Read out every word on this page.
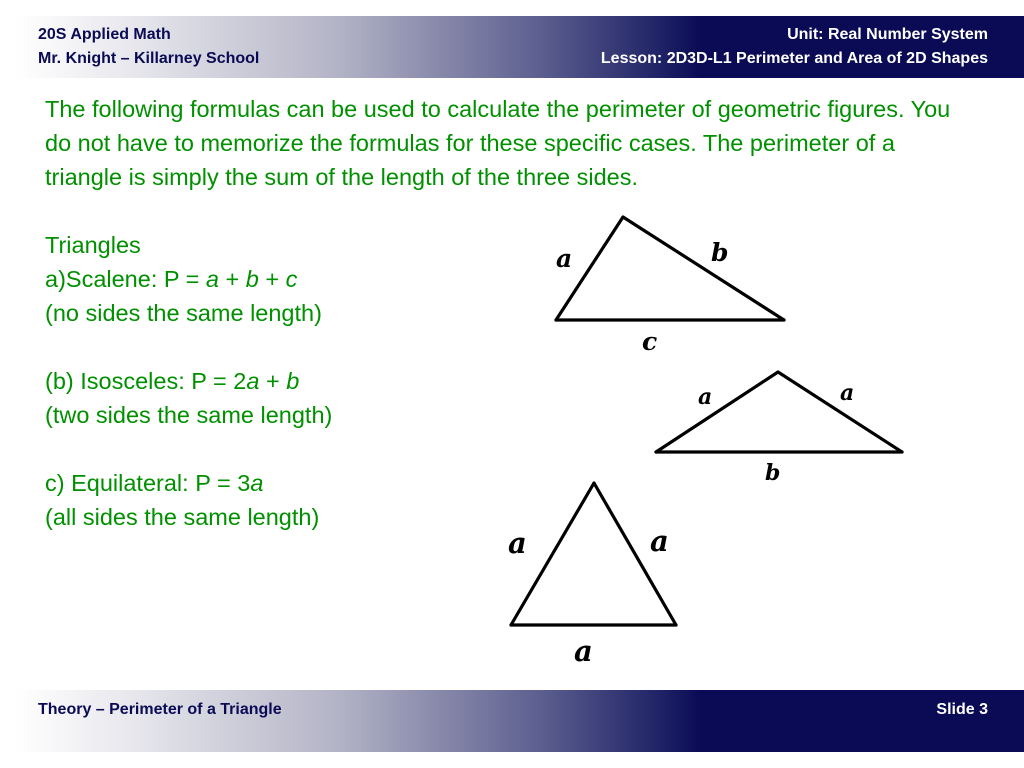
20S Applied Math
Mr. Knight – Killarney School
Unit: Real Number System
Lesson: 2D3D-L1 Perimeter and Area of 2D Shapes

The following formulas can be used to calculate the perimeter of geometric figures. You do not have to memorize the formulas for these specific cases. The perimeter of a triangle is simply the sum of the length of the three sides.

Triangles

a)Scalene: P = a + b + c

(no sides the same length)

(b) Isosceles: P = 2a + b

(two sides the same length)

c) Equilateral: P = 3a

(all sides the same length)

a	b
c
a	a
b
a	a
a
Theory – Perimeter of a Triangle	Slide 3
